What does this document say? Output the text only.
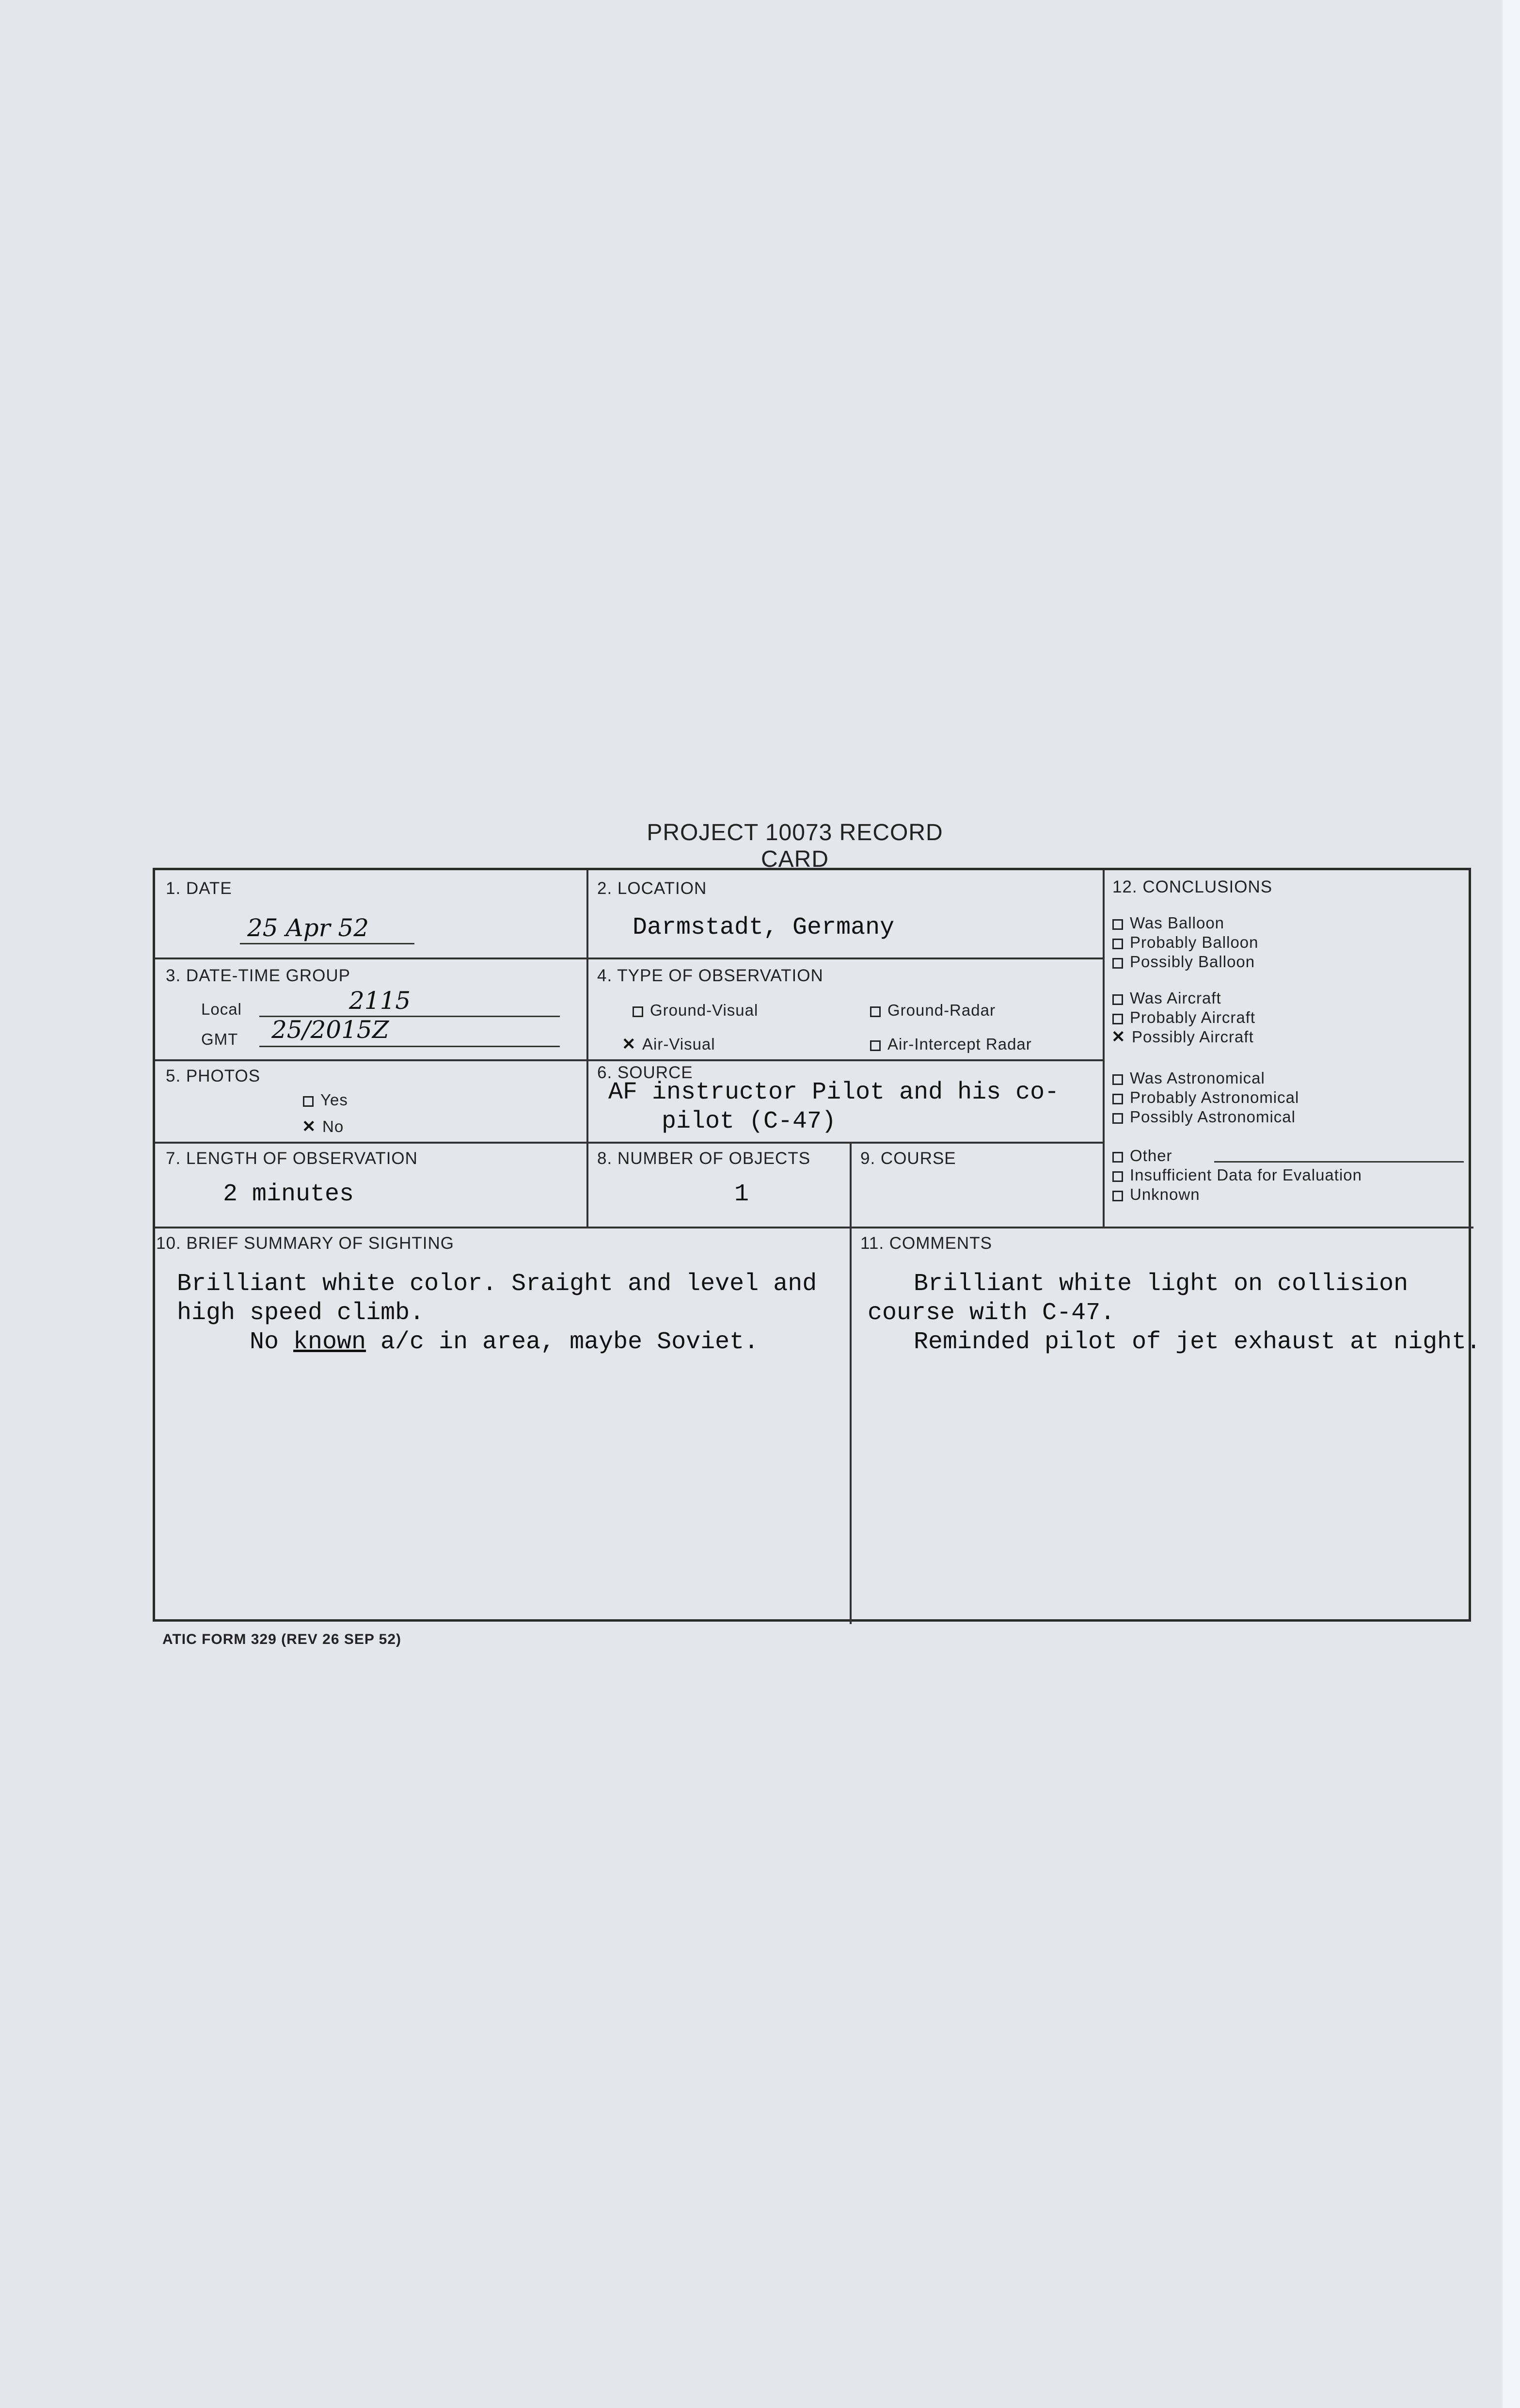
PROJECT 10073 RECORD CARD
1. DATE
25 Apr 52
2. LOCATION
Darmstadt, Germany
3. DATE-TIME GROUP
Local	2115
GMT 25/2015Z
4. TYPE OF OBSERVATION
Ground-Visual	Ground-Radar
✕Air-Visual	Air-Intercept Radar
5. PHOTOS
Yes
✕No
6. SOURCE
AF instructor Pilot and his co-
pilot (C-47)
7. LENGTH OF OBSERVATION
2 minutes
8. NUMBER OF OBJECTS
1
9. COURSE
10. BRIEF SUMMARY OF SIGHTING
Brilliant white color. Sraight and level and
high speed climb.
No known a/c in area, maybe Soviet.
11. COMMENTS
Brilliant white light on collision
course with C-47.
Reminded pilot of jet exhaust at night.
12. CONCLUSIONS
Was Balloon
Probably Balloon
Possibly Balloon
Was Aircraft
Probably Aircraft
✕Possibly Aircraft
Was Astronomical
Probably Astronomical
Possibly Astronomical
Other
Insufficient Data for Evaluation
Unknown
ATIC FORM 329 (REV 26 SEP 52)
